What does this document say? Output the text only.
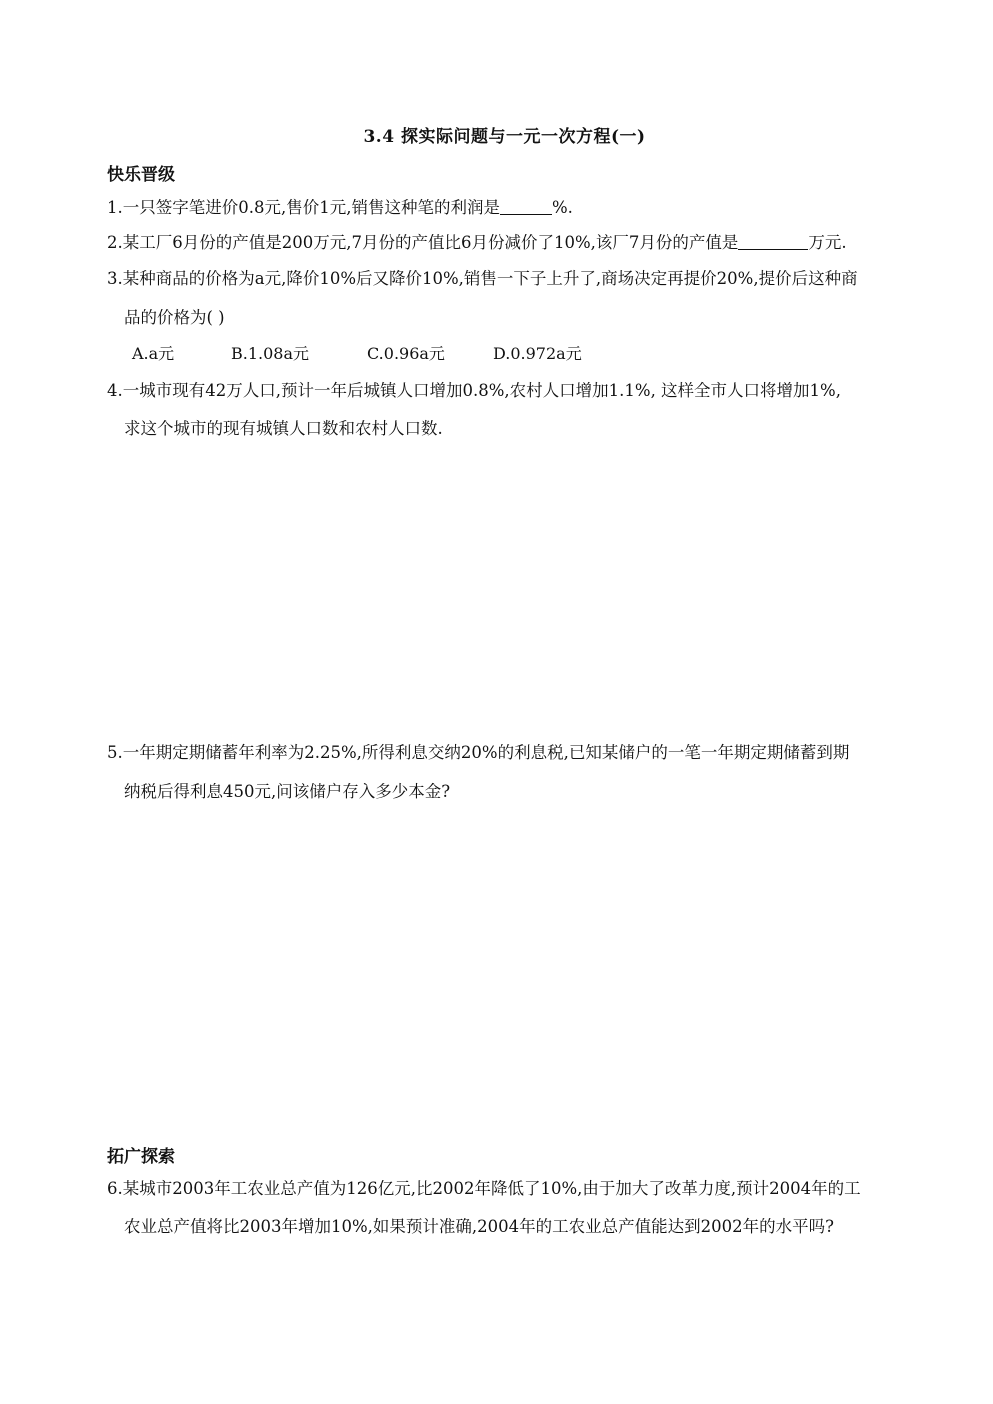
3.4 探实际问题与一元一次方程(一)
快乐晋级
1.一只签字笔进价0.8元,售价1元,销售这种笔的利润是	%.
2.某工厂6月份的产值是200万元,7月份的产值比6月份减价了10%,该厂7月份的产值是	万元.
3.某种商品的价格为a元,降价10%后又降价10%,销售一下子上升了,商场决定再提价20%,提价后这种商
品的价格为( )
A.a元	B.1.08a元	C.0.96a元	D.0.972a元
4.一城市现有42万人口,预计一年后城镇人口增加0.8%,农村人口增加1.1%, 这样全市人口将增加1%,
求这个城市的现有城镇人口数和农村人口数.
5.一年期定期储蓄年利率为2.25%,所得利息交纳20%的利息税,已知某储户的一笔一年期定期储蓄到期
纳税后得利息450元,问该储户存入多少本金?
拓广探索
6.某城市2003年工农业总产值为126亿元,比2002年降低了10%,由于加大了改革力度,预计2004年的工
农业总产值将比2003年增加10%,如果预计准确,2004年的工农业总产值能达到2002年的水平吗?
